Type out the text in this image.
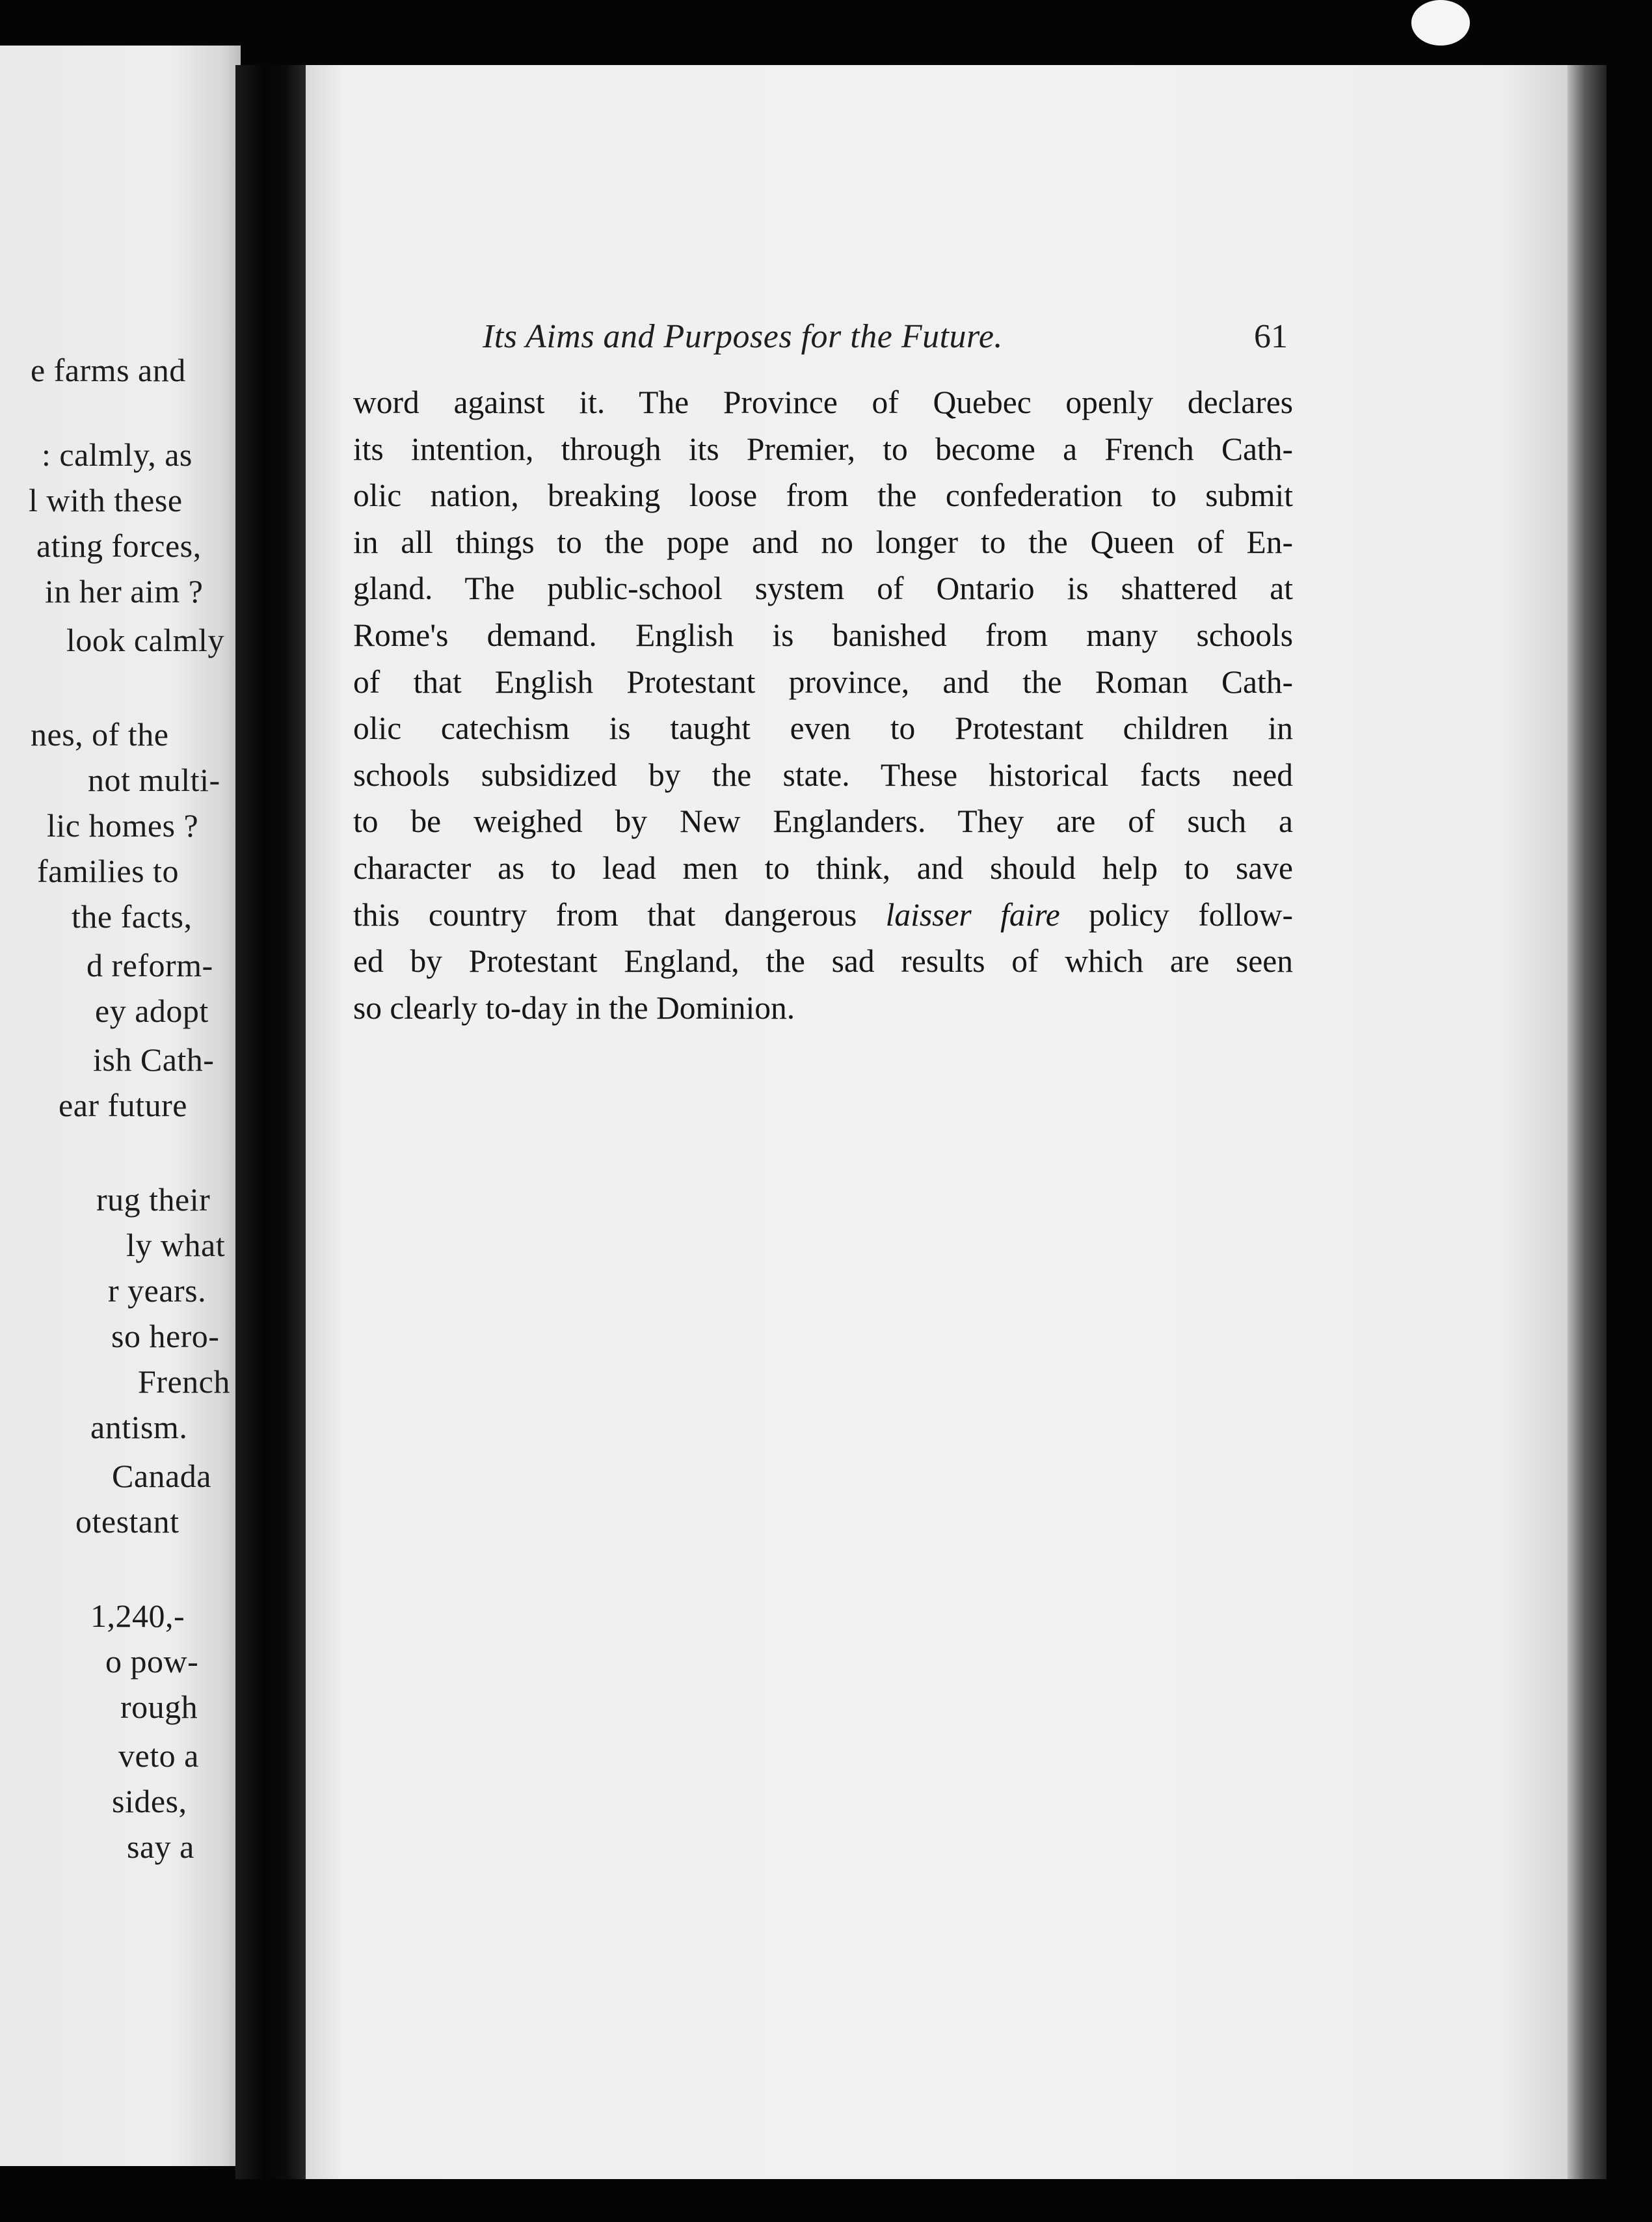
e farms and
: calmly, as
l with these
ating forces,
in her aim ?
look calmly
nes, of the
not multi-
lic homes ?
families to
the facts,
d reform-
ey adopt
ish Cath-
ear future
rug their
ly what
r years.
so hero-
French
antism.
Canada
otestant
1,240,-
o pow-
rough
veto a
sides,
say a
Its Aims and Purposes for the Future.	61
word against it. The Province of Quebec openly declares
its intention, through its Premier, to become a French Cath-
olic nation, breaking loose from the confederation to submit
in all things to the pope and no longer to the Queen of En-
gland. The public-school system of Ontario is shattered at
Rome's demand. English is banished from many schools
of that English Protestant province, and the Roman Cath-
olic catechism is taught even to Protestant children in
schools subsidized by the state. These historical facts need
to be weighed by New Englanders. They are of such a
character as to lead men to think, and should help to save
this country from that dangerous laisser faire policy follow-
ed by Protestant England, the sad results of which are seen
so clearly to-day in the Dominion.
